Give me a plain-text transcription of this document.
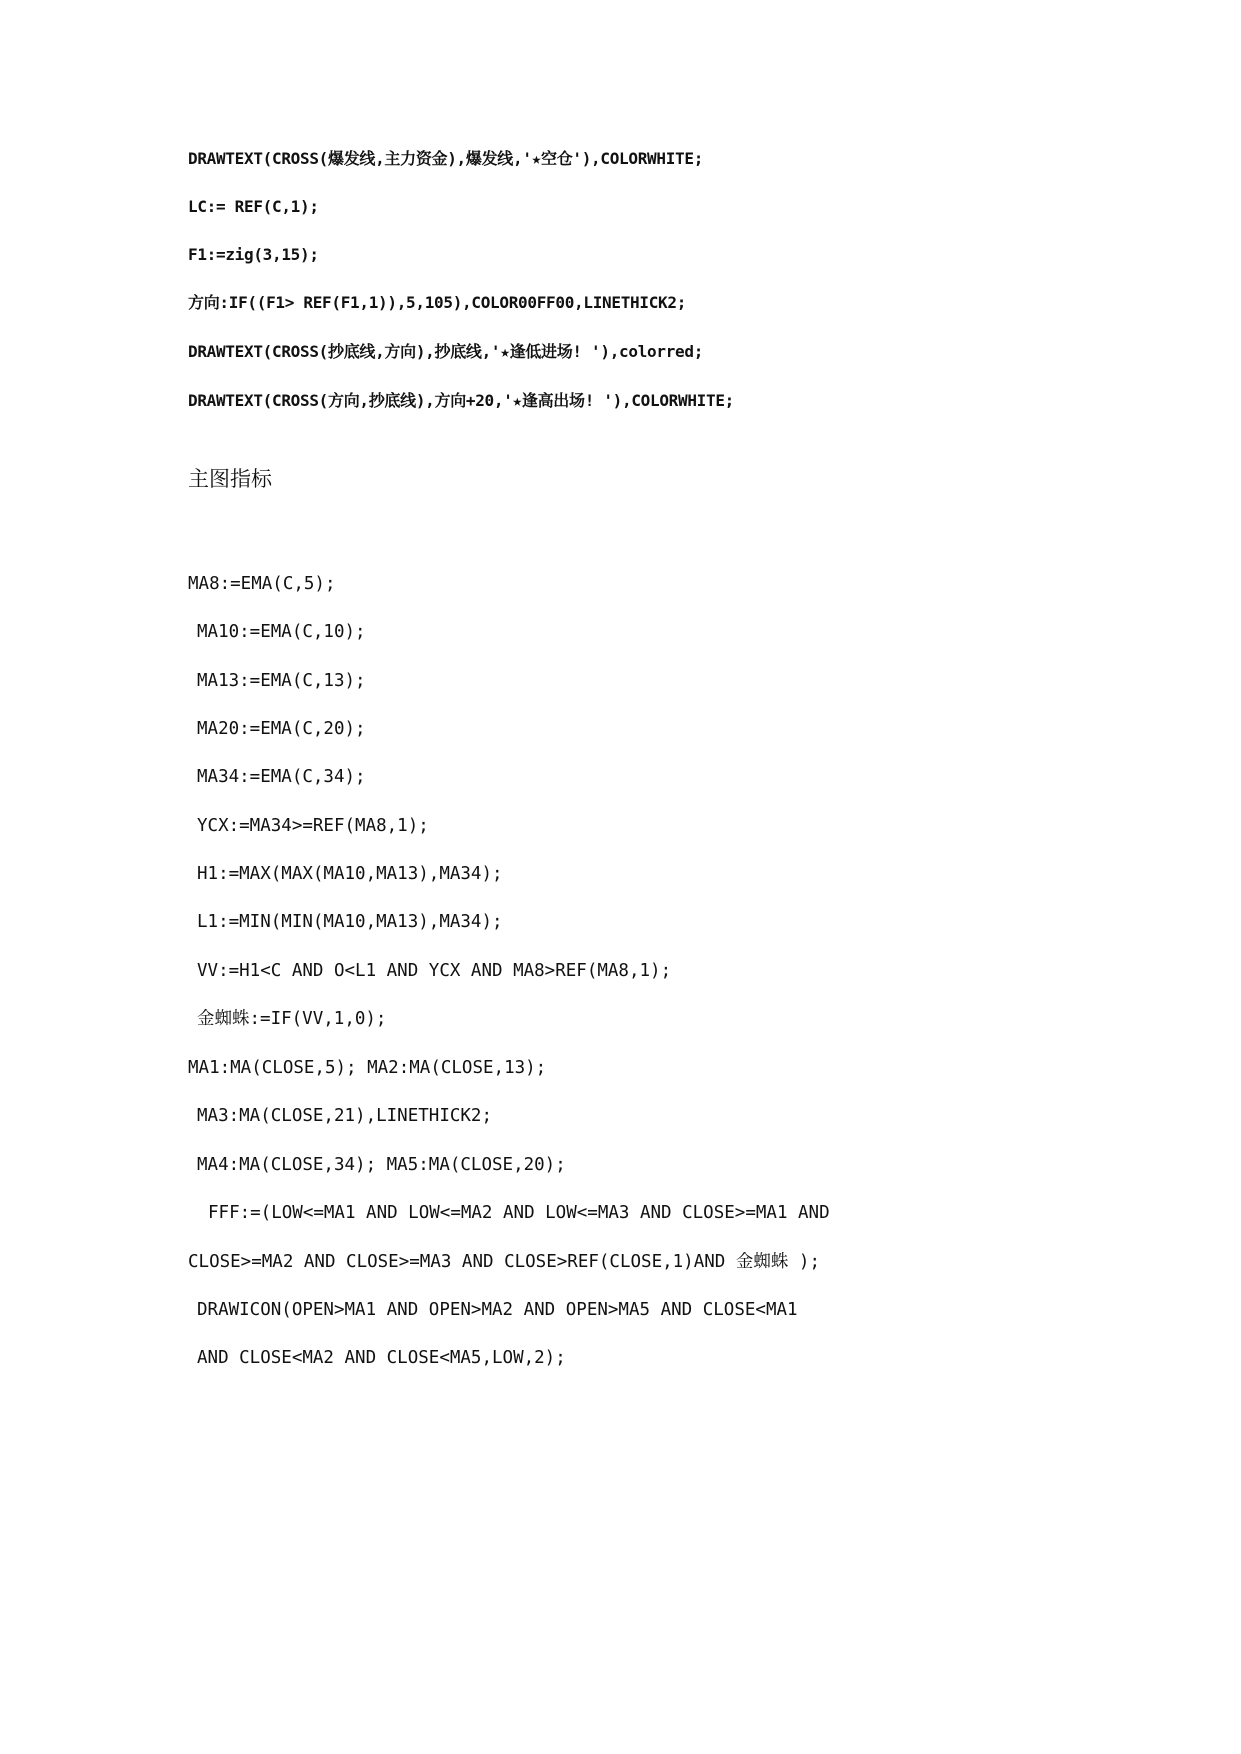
DRAWTEXT(CROSS(爆发线,主力资金),爆发线,'★空仓'),COLORWHITE;
LC:= REF(C,1);
F1:=zig(3,15);
方向:IF((F1> REF(F1,1)),5,105),COLOR00FF00,LINETHICK2;
DRAWTEXT(CROSS(抄底线,方向),抄底线,'★逢低进场! '),colorred;
DRAWTEXT(CROSS(方向,抄底线),方向+20,'★逢高出场! '),COLORWHITE;
主图指标
MA8:=EMA(C,5);
MA10:=EMA(C,10);
MA13:=EMA(C,13);
MA20:=EMA(C,20);
MA34:=EMA(C,34);
YCX:=MA34>=REF(MA8,1);
H1:=MAX(MAX(MA10,MA13),MA34);
L1:=MIN(MIN(MA10,MA13),MA34);
VV:=H1<C AND O<L1 AND YCX AND MA8>REF(MA8,1);
金蜘蛛:=IF(VV,1,0);
MA1:MA(CLOSE,5); MA2:MA(CLOSE,13);
MA3:MA(CLOSE,21),LINETHICK2;
MA4:MA(CLOSE,34); MA5:MA(CLOSE,20);
FFF:=(LOW<=MA1 AND LOW<=MA2 AND LOW<=MA3 AND CLOSE>=MA1 AND
CLOSE>=MA2 AND CLOSE>=MA3 AND CLOSE>REF(CLOSE,1)AND 金蜘蛛 );
DRAWICON(OPEN>MA1 AND OPEN>MA2 AND OPEN>MA5 AND CLOSE<MA1
AND CLOSE<MA2 AND CLOSE<MA5,LOW,2);
